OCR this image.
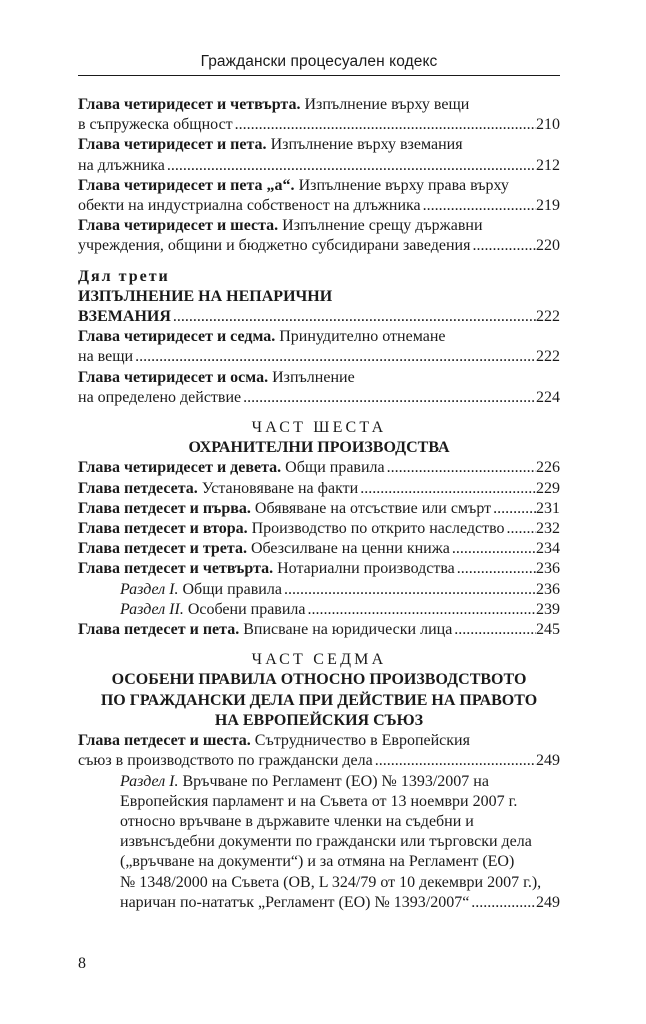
Граждански процесуален кодекс
Глава четиридесет и четвърта. Изпълнение върху вещи
в съпружеска общност .....	210
Глава четиридесет и пета. Изпълнение върху вземания
на длъжника .....	212
Глава четиридесет и пета „а“. Изпълнение върху права върху
обекти на индустриална собственост на длъжника .....	219
Глава четиридесет и шеста. Изпълнение срещу държавни
учреждения, общини и бюджетно субсидирани заведения .....	220
Дял трети
ИЗПЪЛНЕНИЕ НА НЕПАРИЧНИ
ВЗЕМАНИЯ .....	222
Глава четиридесет и седма. Принудително отнемане
на вещи .....	222
Глава четиридесет и осма. Изпълнение
на определено действие .....	224
ЧАСТ ШЕСТА
ОХРАНИТЕЛНИ ПРОИЗВОДСТВА
Глава четиридесет и девета. Общи правила .....	226
Глава петдесета. Установяване на факти .....	229
Глава петдесет и първа. Обявяване на отсъствие или смърт .....	231
Глава петдесет и втора. Производство по открито наследство ..... 232
Глава петдесет и трета. Обезсилване на ценни книжа .....	234
Глава петдесет и четвърта. Нотариални производства .....	236
Раздел I. Общи правила .....	236
Раздел II. Особени правила .....	239
Глава петдесет и пета. Вписване на юридически лица .....	245
ЧАСТ СЕДМА
ОСОБЕНИ ПРАВИЛА ОТНОСНО ПРОИЗВОДСТВОТО
ПО ГРАЖДАНСКИ ДЕЛА ПРИ ДЕЙСТВИЕ НА ПРАВОТО
НА ЕВРОПЕЙСКИЯ СЪЮЗ
Глава петдесет и шеста. Сътрудничество в Европейския
съюз в производството по граждански дела .....	249
Раздел I. Връчване по Регламент (ЕО) № 1393/2007 на
Европейския парламент и на Съвета от 13 ноември 2007 г.
относно връчване в държавите членки на съдебни и
извънсъдебни документи по граждански или търговски дела
(„връчване на документи“) и за отмяна на Регламент (ЕО)
№ 1348/2000 на Съвета (ОВ, L 324/79 от 10 декември 2007 г.),
наричан по-нататък „Регламент (ЕО) № 1393/2007“ .....	249
8
